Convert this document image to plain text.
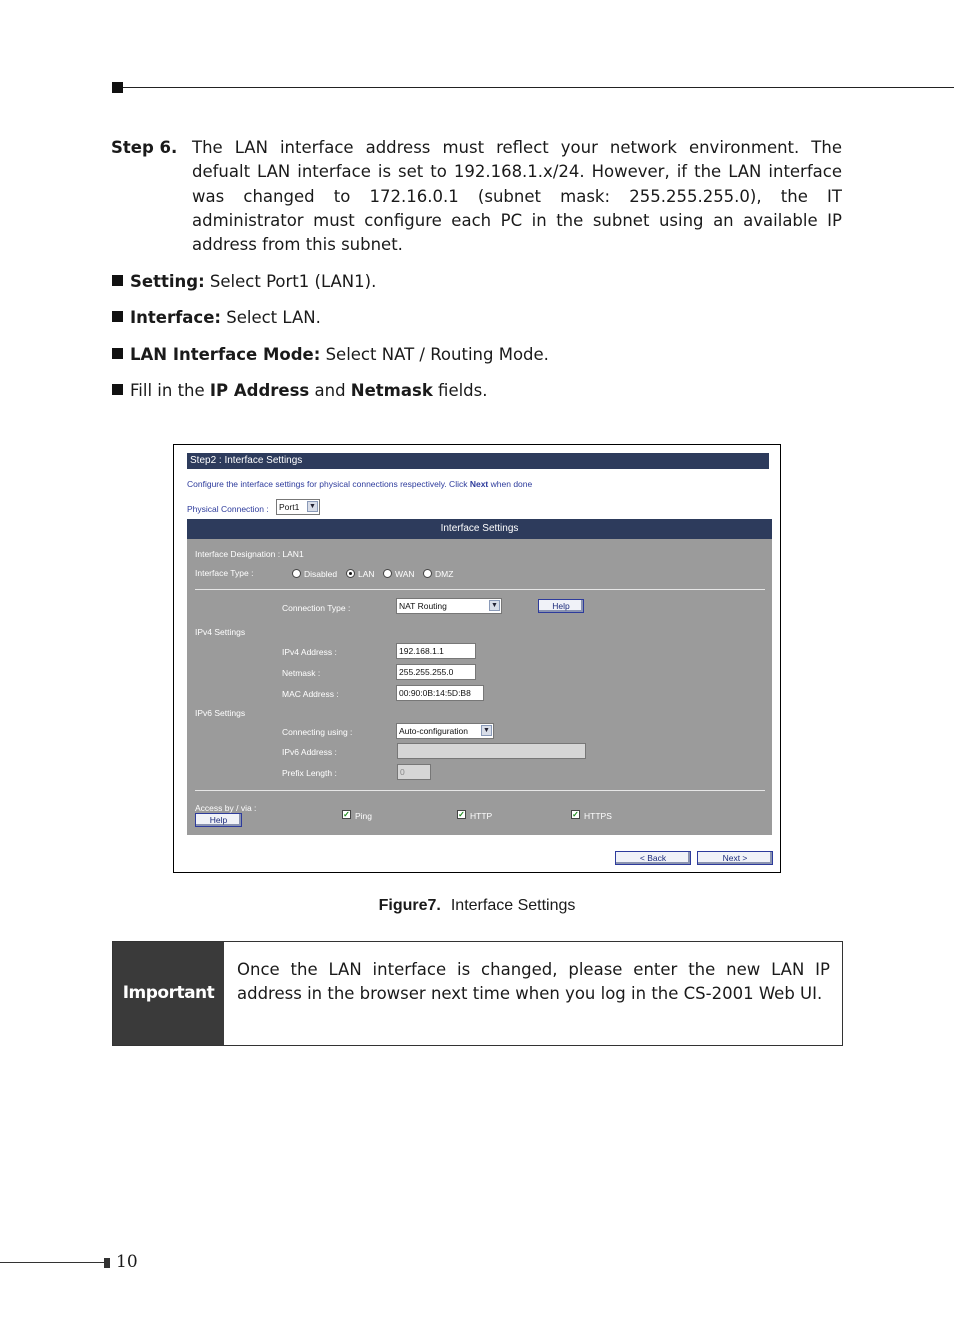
Step 6. The LAN interface address must reflect your network environment. The defualt LAN interface is set to 192.168.1.x/24. However, if the LAN interface was changed to 172.16.0.1 (subnet mask: 255.255.255.0), the IT administrator must configure each PC in the subnet using an available IP address from this subnet.
Setting: Select Port1 (LAN1).
Interface: Select LAN.
LAN Interface Mode: Select NAT / Routing Mode.
Fill in the IP Address and Netmask fields.
Step2 : Interface Settings
Configure the interface settings for physical connections respectively. Click Next when done
Physical Connection :	Port1 ▼
Interface Settings
Interface Designation : LAN1
Interface Type :	Disabled LAN WAN DMZ
Connection Type :	NAT Routing	▼	Help
IPv4 Settings
IPv4 Address :	192.168.1.1
Netmask :	255.255.255.0
MAC Address :	00:90:0B:14:5D:B8
IPv6 Settings
Connecting using :	Auto-configuration ▼
IPv6 Address :
Prefix Length :	0
Access by / via :
Help
✓ Ping	✓ HTTP	✓ HTTPS
< Back	Next >
Figure7. Interface Settings
Important
Once the LAN interface is changed, please enter the new LAN IP address in the browser next time when you log in the CS-2001 Web UI.
10
